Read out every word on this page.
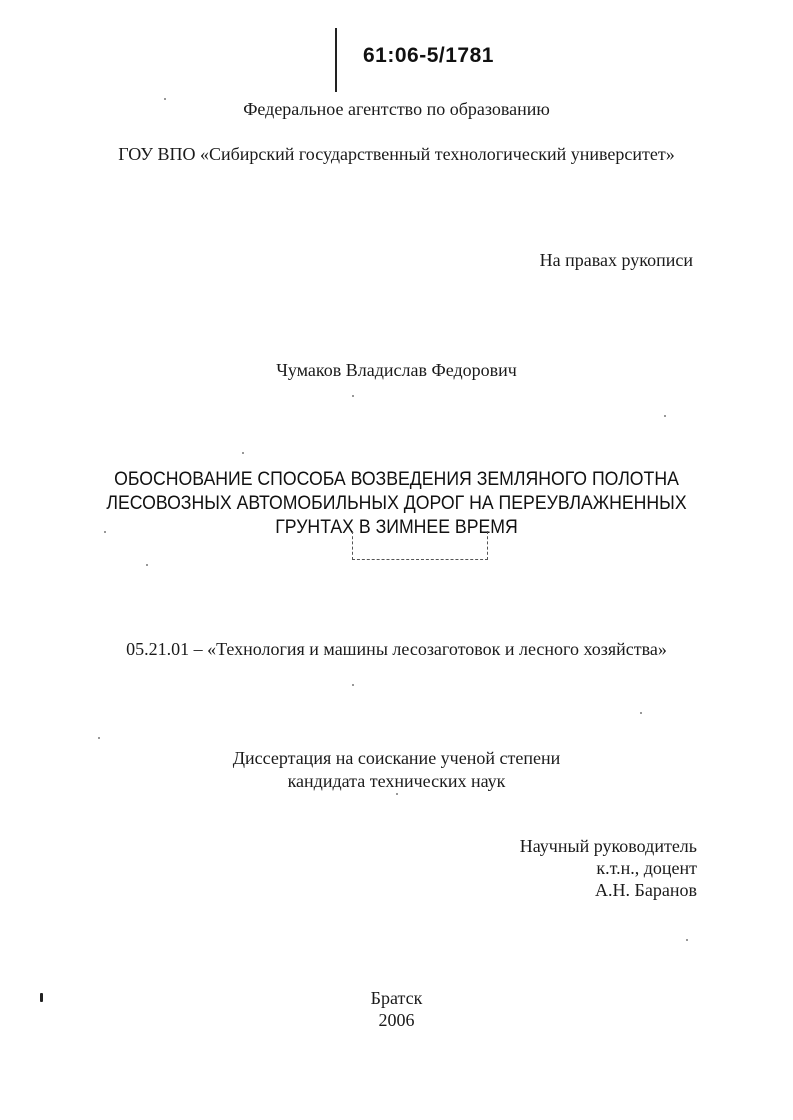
61:06-5/1781
Федеральное агентство по образованию
ГОУ ВПО «Сибирский государственный технологический университет»
На правах рукописи
Чумаков Владислав Федорович
ОБОСНОВАНИЕ СПОСОБА ВОЗВЕДЕНИЯ ЗЕМЛЯНОГО ПОЛОТНА
ЛЕСОВОЗНЫХ АВТОМОБИЛЬНЫХ ДОРОГ НА ПЕРЕУВЛАЖНЕННЫХ
ГРУНТАХ В ЗИМНЕЕ ВРЕМЯ
05.21.01 – «Технология и машины лесозаготовок и лесного хозяйства»
Диссертация на соискание ученой степени
кандидата технических наук
Научный руководитель
к.т.н., доцент
А.Н. Баранов
Братск
2006
